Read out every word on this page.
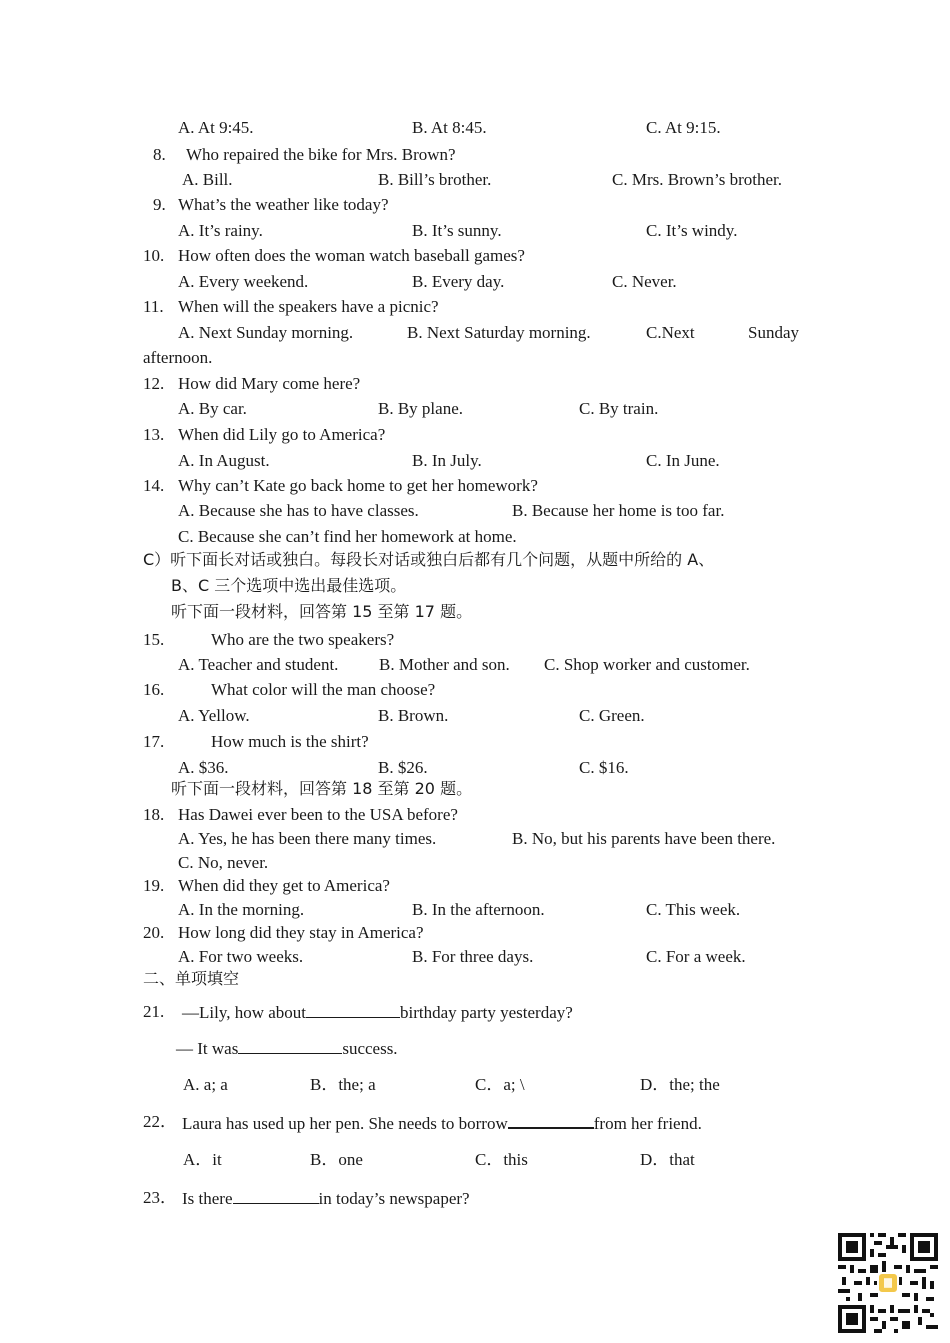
A. At 9:45.	B. At 8:45.	C. At 9:15.
8. Who repaired the bike for Mrs. Brown?
A. Bill.	B. Bill’s brother.	C. Mrs. Brown’s brother.
9. What’s the weather like today?
A. It’s rainy.	B. It’s sunny.	C. It’s windy.
10. How often does the woman watch baseball games?
A. Every weekend.	B. Every day.	C. Never.
11. When will the speakers have a picnic?
A. Next Sunday morning.	B. Next Saturday morning.	C.Next	Sunday
afternoon.
12. How did Mary come here?
A. By car.	B. By plane.	C. By train.
13. When did Lily go to America?
A. In August.	B. In July.	C. In June.
14. Why can’t Kate go back home to get her homework?
A. Because she has to have classes.	B. Because her home is too far.
C. Because she can’t find her homework at home.
C）听下面长对话或独白。每段长对话或独白后都有几个问题，从题中所给的 A、
B、C 三个选项中选出最佳选项。
听下面一段材料，回答第 15 至第 17 题。
15.	Who are the two speakers?
A. Teacher and student. B. Mother and son. C. Shop worker and customer.
16.	What color will the man choose?
A. Yellow.	B. Brown.	C. Green.
17.	How much is the shirt?
A. $36.	B. $26.	C. $16.
听下面一段材料，回答第 18 至第 20 题。
18. Has Dawei ever been to the USA before?
A. Yes, he has been there many times.	B. No, but his parents have been there.
C. No, never.
19. When did they get to America?
A. In the morning.	B. In the afternoon.	C. This week.
20. How long did they stay in America?
A. For two weeks.	B. For three days.	C. For a week.
二、单项填空
21. —Lily, how about	birthday party yesterday?
— It was	success.
A. a; a	B．the; a	C．a; \	D．the; the
22． Laura has used up her pen. She needs to borrow	from her friend.
A．it	B．one	C．this	D．that
23． Is there	in today’s newspaper?
